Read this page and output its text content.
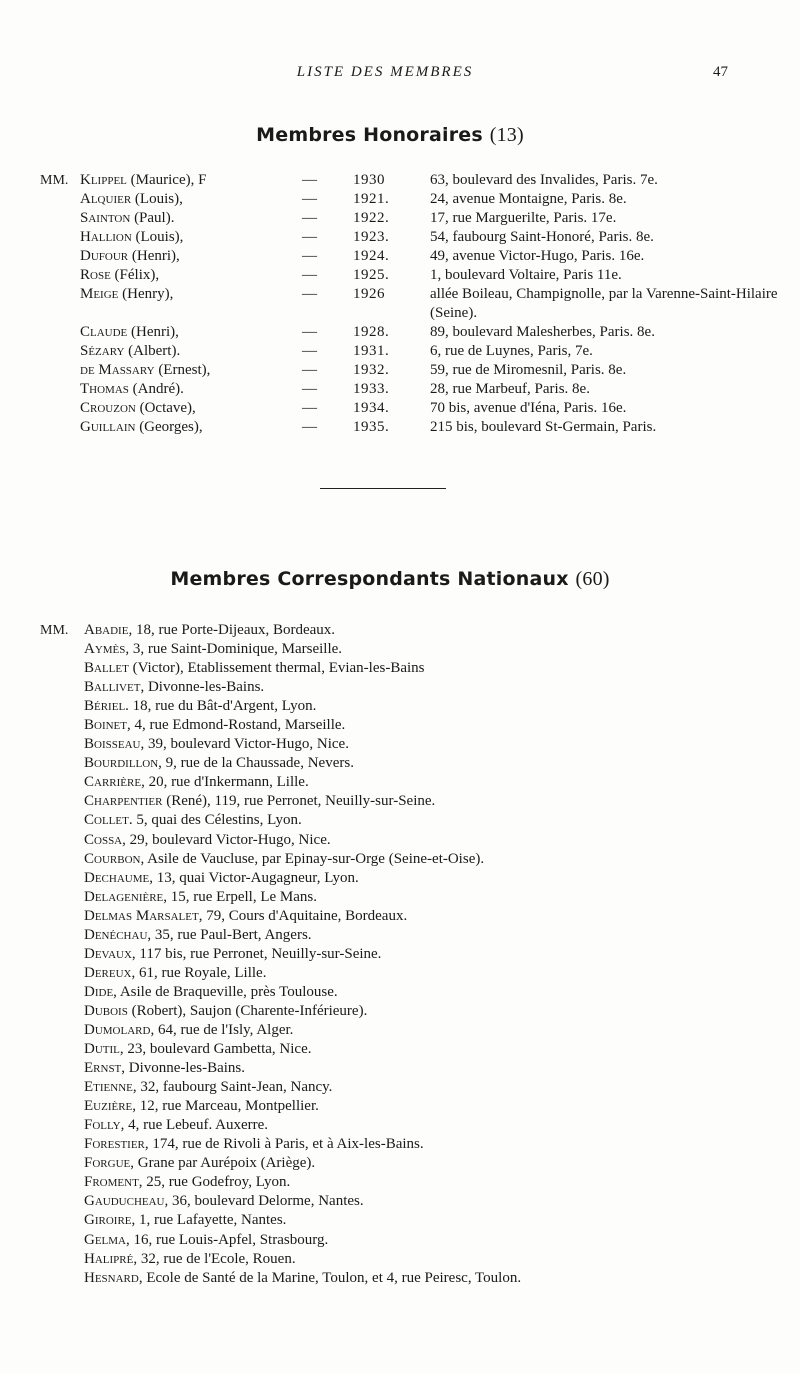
LISTE DES MEMBRES	47
Membres Honoraires (13)
MM. Klippel (Maurice), F	— 1930	63, boulevard des Invalides, Paris. 7e.
Alquier (Louis),	— 1921.	24, avenue Montaigne, Paris. 8e.
Sainton (Paul).	— 1922.	17, rue Marguerilte, Paris. 17e.
Hallion (Louis),	— 1923.	54, faubourg Saint-Honoré, Paris. 8e.
Dufour (Henri),	— 1924.	49, avenue Victor-Hugo, Paris. 16e.
Rose (Félix),	— 1925.	1, boulevard Voltaire, Paris 11e.
Meige (Henry),	— 1926	allée Boileau, Champignolle, par la Varenne-Saint-Hilaire (Seine).
Claude (Henri),	— 1928.	89, boulevard Malesherbes, Paris. 8e.
Sézary (Albert).	— 1931.	6, rue de Luynes, Paris, 7e.
de Massary (Ernest),	— 1932.	59, rue de Miromesnil, Paris. 8e.
Thomas (André).	— 1933.	28, rue Marbeuf, Paris. 8e.
Crouzon (Octave),	— 1934.	70 bis, avenue d'Iéna, Paris. 16e.
Guillain (Georges),	— 1935.	215 bis, boulevard St-Germain, Paris.
Membres Correspondants Nationaux (60)
MM. Abadie, 18, rue Porte-Dijeaux, Bordeaux.
Aymès, 3, rue Saint-Dominique, Marseille.
Ballet (Victor), Etablissement thermal, Evian-les-Bains
Ballivet, Divonne-les-Bains.
Bériel. 18, rue du Bât-d'Argent, Lyon.
Boinet, 4, rue Edmond-Rostand, Marseille.
Boisseau, 39, boulevard Victor-Hugo, Nice.
Bourdillon, 9, rue de la Chaussade, Nevers.
Carrière, 20, rue d'Inkermann, Lille.
Charpentier (René), 119, rue Perronet, Neuilly-sur-Seine.
Collet. 5, quai des Célestins, Lyon.
Cossa, 29, boulevard Victor-Hugo, Nice.
Courbon, Asile de Vaucluse, par Epinay-sur-Orge (Seine-et-Oise).
Dechaume, 13, quai Victor-Augagneur, Lyon.
Delagenière, 15, rue Erpell, Le Mans.
Delmas Marsalet, 79, Cours d'Aquitaine, Bordeaux.
Denéchau, 35, rue Paul-Bert, Angers.
Devaux, 117 bis, rue Perronet, Neuilly-sur-Seine.
Dereux, 61, rue Royale, Lille.
Dide, Asile de Braqueville, près Toulouse.
Dubois (Robert), Saujon (Charente-Inférieure).
Dumolard, 64, rue de l'Isly, Alger.
Dutil, 23, boulevard Gambetta, Nice.
Ernst, Divonne-les-Bains.
Etienne, 32, faubourg Saint-Jean, Nancy.
Euzière, 12, rue Marceau, Montpellier.
Folly, 4, rue Lebeuf. Auxerre.
Forestier, 174, rue de Rivoli à Paris, et à Aix-les-Bains.
Forgue, Grane par Aurépoix (Ariège).
Froment, 25, rue Godefroy, Lyon.
Gauducheau, 36, boulevard Delorme, Nantes.
Giroire, 1, rue Lafayette, Nantes.
Gelma, 16, rue Louis-Apfel, Strasbourg.
Halipré, 32, rue de l'Ecole, Rouen.
Hesnard, Ecole de Santé de la Marine, Toulon, et 4, rue Peiresc, Toulon.
